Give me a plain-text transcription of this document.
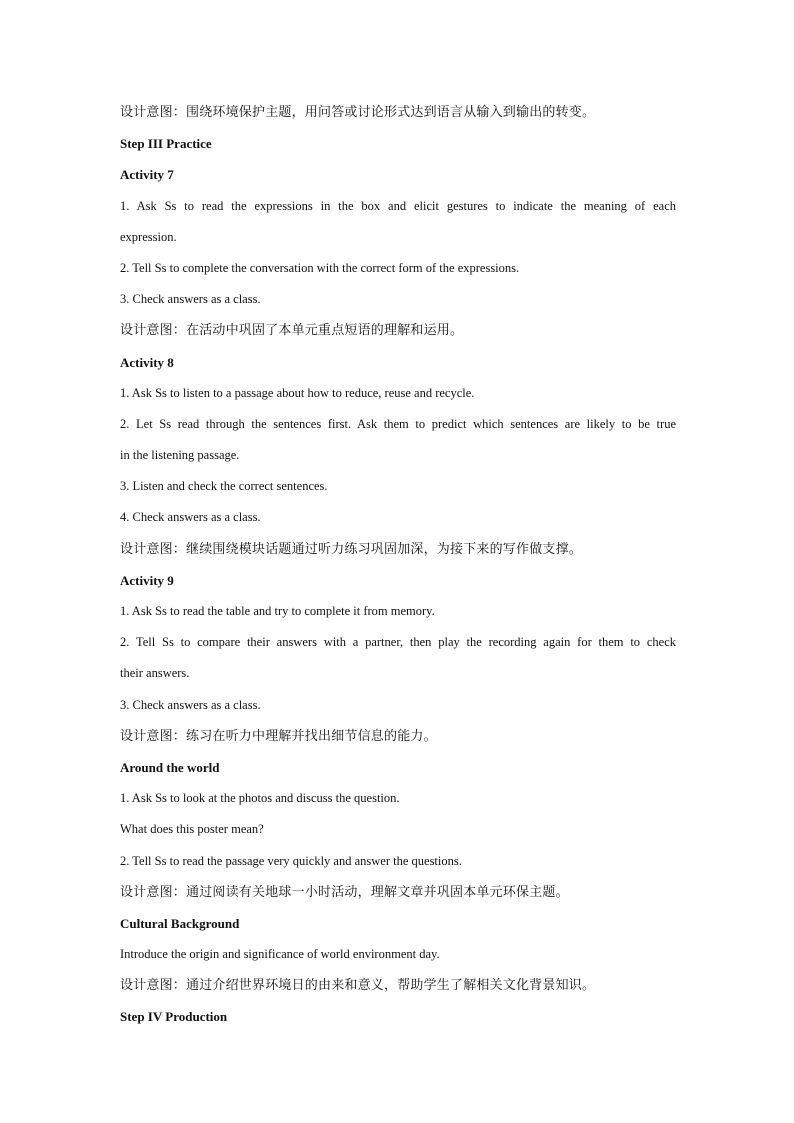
设计意图：围绕环境保护主题，用问答或讨论形式达到语言从输入到输出的转变。
Step III Practice
Activity 7
1. Ask Ss to read the expressions in the box and elicit gestures to indicate the meaning of each
expression.
2. Tell Ss to complete the conversation with the correct form of the expressions.
3. Check answers as a class.
设计意图：在活动中巩固了本单元重点短语的理解和运用。
Activity 8
1. Ask Ss to listen to a passage about how to reduce, reuse and recycle.
2. Let Ss read through the sentences first. Ask them to predict which sentences are likely to be true
in the listening passage.
3. Listen and check the correct sentences.
4. Check answers as a class.
设计意图：继续围绕模块话题通过听力练习巩固加深，为接下来的写作做支撑。
Activity 9
1. Ask Ss to read the table and try to complete it from memory.
2. Tell Ss to compare their answers with a partner, then play the recording again for them to check
their answers.
3. Check answers as a class.
设计意图：练习在听力中理解并找出细节信息的能力。
Around the world
1. Ask Ss to look at the photos and discuss the question.
What does this poster mean?
2. Tell Ss to read the passage very quickly and answer the questions.
设计意图：通过阅读有关地球一小时活动，理解文章并巩固本单元环保主题。
Cultural Background
Introduce the origin and significance of world environment day.
设计意图：通过介绍世界环境日的由来和意义，帮助学生了解相关文化背景知识。
Step IV Production
